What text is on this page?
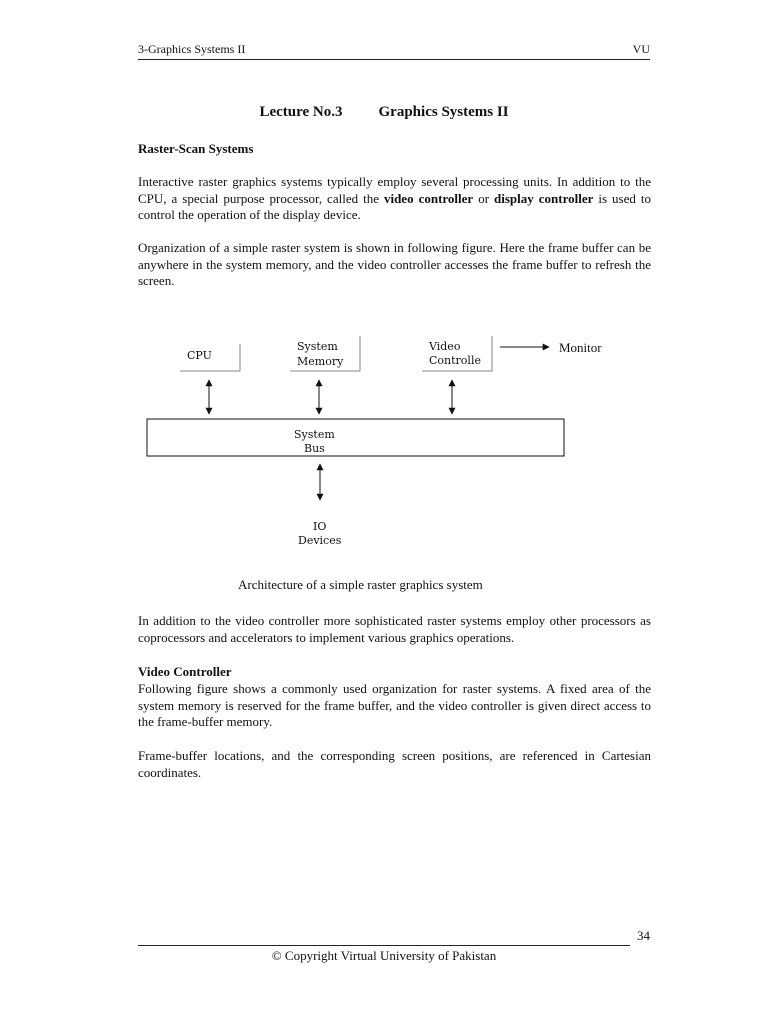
3-Graphics Systems II	VU
Lecture No.3 Graphics Systems II
Raster-Scan Systems

Interactive raster graphics systems typically employ several processing units. In addition to the CPU, a special purpose processor, called the video controller or display controller is used to control the operation of the display device.

Organization of a simple raster system is shown in following figure. Here the frame buffer can be anywhere in the system memory, and the video controller accesses the frame buffer to refresh the screen.

CPU
System
Memory
Video
Controlle
Monitor
System
Bus
IO
Devices
Architecture of a simple raster graphics system

In addition to the video controller more sophisticated raster systems employ other processors as coprocessors and accelerators to implement various graphics operations.

Video Controller

Following figure shows a commonly used organization for raster systems. A fixed area of the system memory is reserved for the frame buffer, and the video controller is given direct access to the frame-buffer memory.

Frame-buffer locations, and the corresponding screen positions, are referenced in Cartesian coordinates.

34
© Copyright Virtual University of Pakistan
